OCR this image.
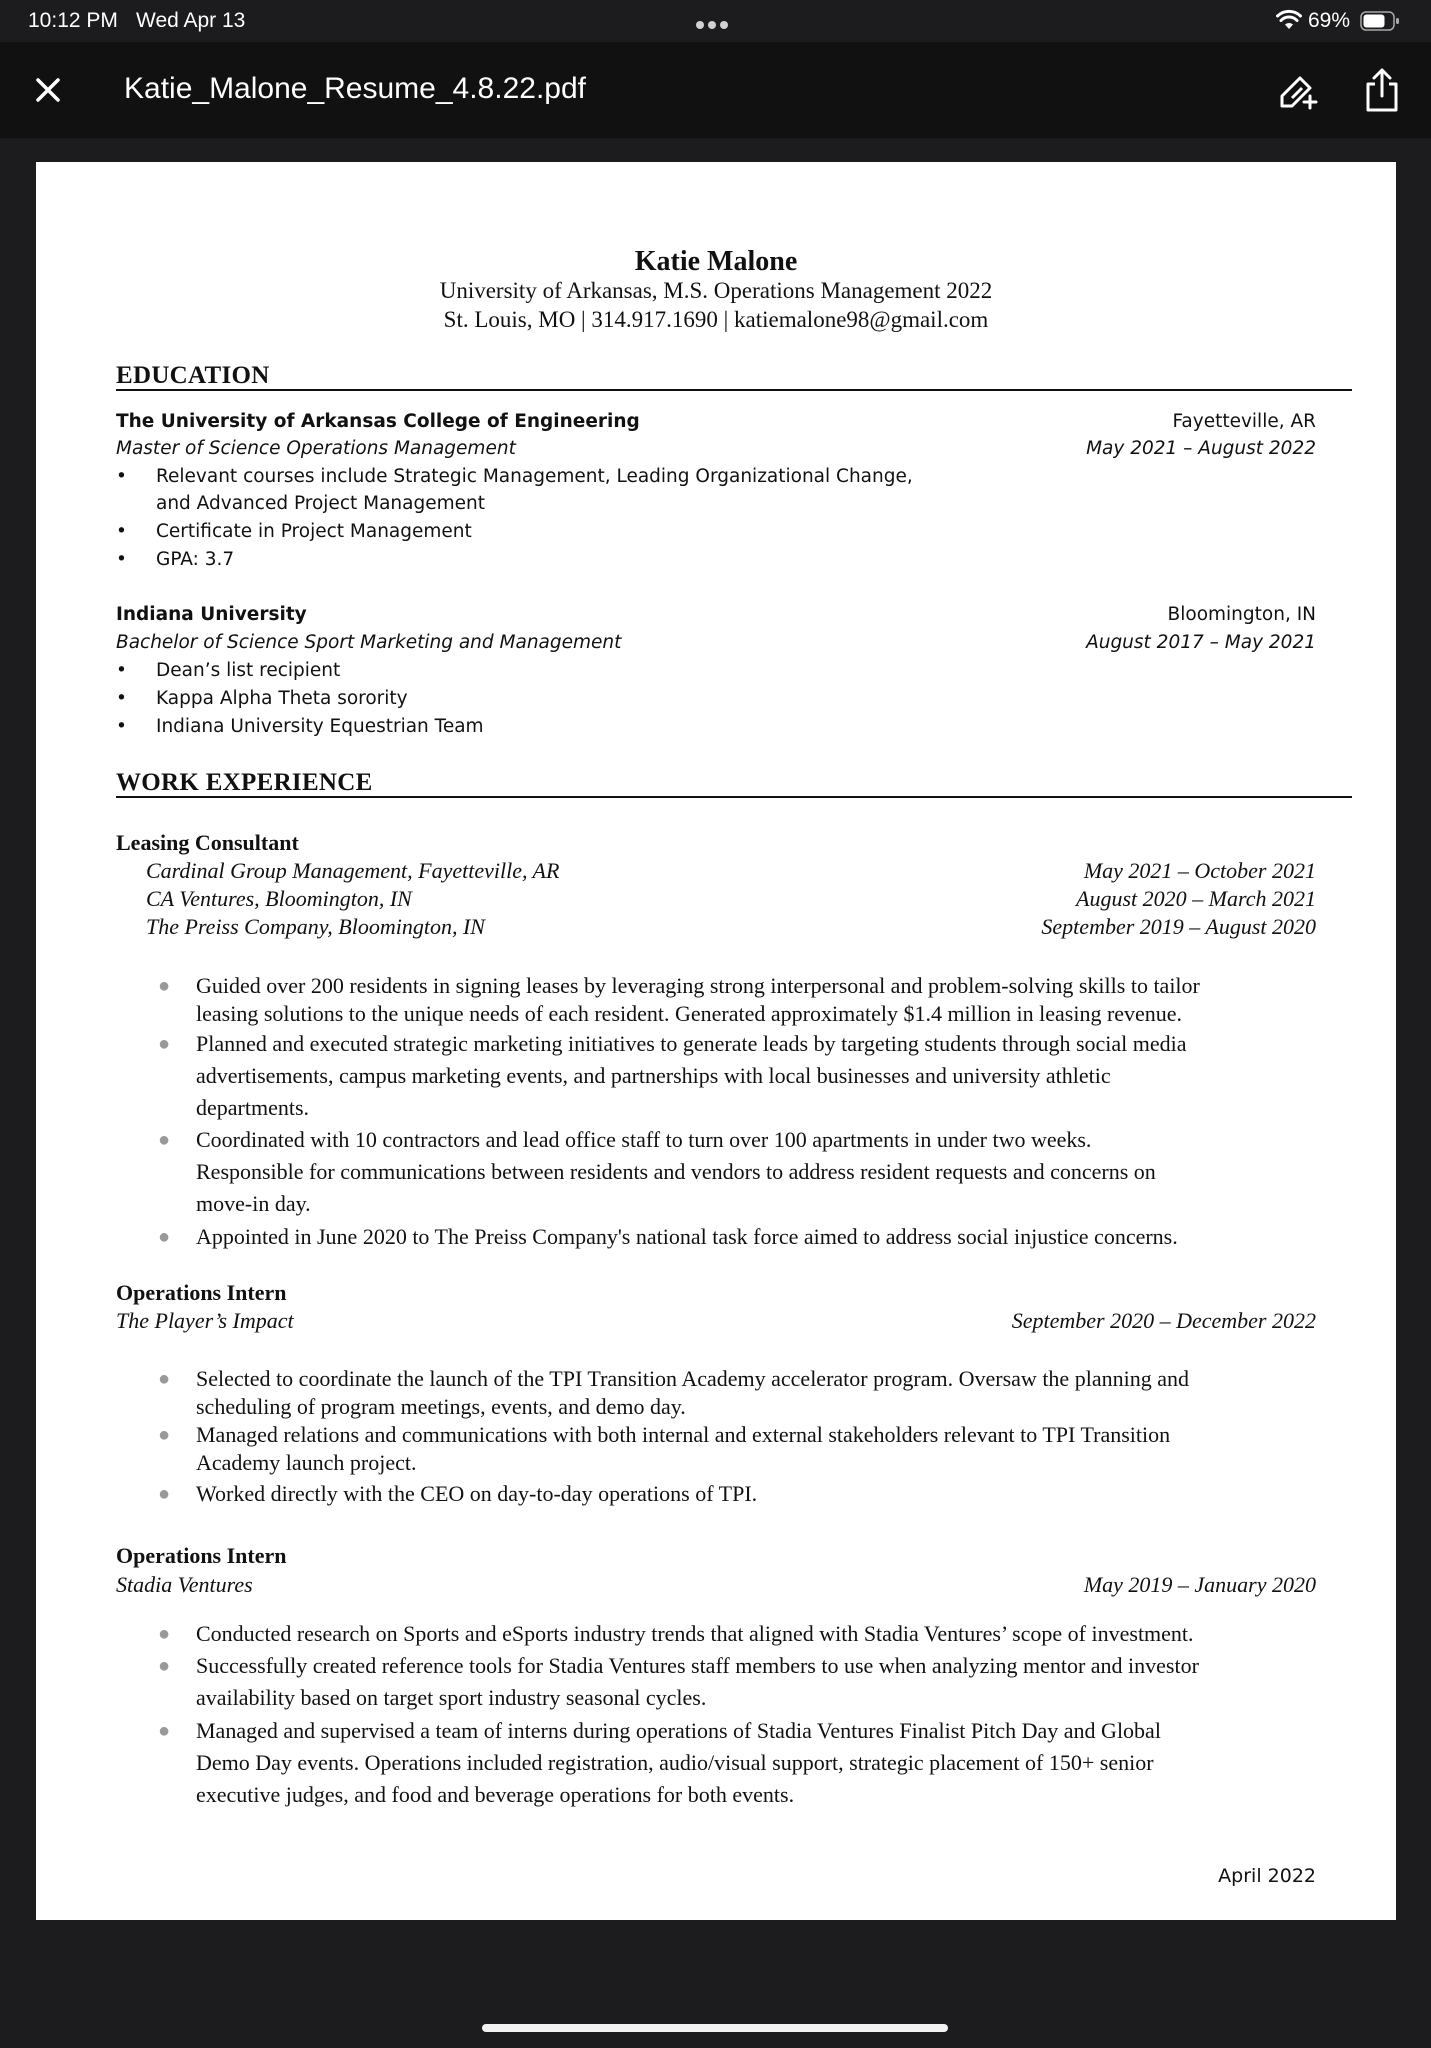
10:12 PM Wed Apr 13	69%
Katie_Malone_Resume_4.8.22.pdf
Katie Malone
University of Arkansas, M.S. Operations Management 2022
St. Louis, MO | 314.917.1690 | katiemalone98@gmail.com
EDUCATION
The University of Arkansas College of Engineering	Fayetteville, AR
Master of Science Operations Management	May 2021 – August 2022
• Relevant courses include Strategic Management, Leading Organizational Change,
and Advanced Project Management
• Certificate in Project Management
• GPA: 3.7
Indiana University	Bloomington, IN
Bachelor of Science Sport Marketing and Management	August 2017 – May 2021
• Dean’s list recipient
• Kappa Alpha Theta sorority
• Indiana University Equestrian Team
WORK EXPERIENCE
Leasing Consultant
Cardinal Group Management, Fayetteville, AR	May 2021 – October 2021
CA Ventures, Bloomington, IN	August 2020 – March 2021
The Preiss Company, Bloomington, IN	September 2019 – August 2020
● Guided over 200 residents in signing leases by leveraging strong interpersonal and problem-solving skills to tailor
leasing solutions to the unique needs of each resident. Generated approximately $1.4 million in leasing revenue.
● Planned and executed strategic marketing initiatives to generate leads by targeting students through social media
advertisements, campus marketing events, and partnerships with local businesses and university athletic
departments.
● Coordinated with 10 contractors and lead office staff to turn over 100 apartments in under two weeks.
Responsible for communications between residents and vendors to address resident requests and concerns on
move-in day.
● Appointed in June 2020 to The Preiss Company's national task force aimed to address social injustice concerns.
Operations Intern
The Player’s Impact	September 2020 – December 2022
● Selected to coordinate the launch of the TPI Transition Academy accelerator program. Oversaw the planning and
scheduling of program meetings, events, and demo day.
● Managed relations and communications with both internal and external stakeholders relevant to TPI Transition
Academy launch project.
● Worked directly with the CEO on day-to-day operations of TPI.
Operations Intern
Stadia Ventures	May 2019 – January 2020
● Conducted research on Sports and eSports industry trends that aligned with Stadia Ventures’ scope of investment.
● Successfully created reference tools for Stadia Ventures staff members to use when analyzing mentor and investor
availability based on target sport industry seasonal cycles.
● Managed and supervised a team of interns during operations of Stadia Ventures Finalist Pitch Day and Global
Demo Day events. Operations included registration, audio/visual support, strategic placement of 150+ senior
executive judges, and food and beverage operations for both events.
April 2022
